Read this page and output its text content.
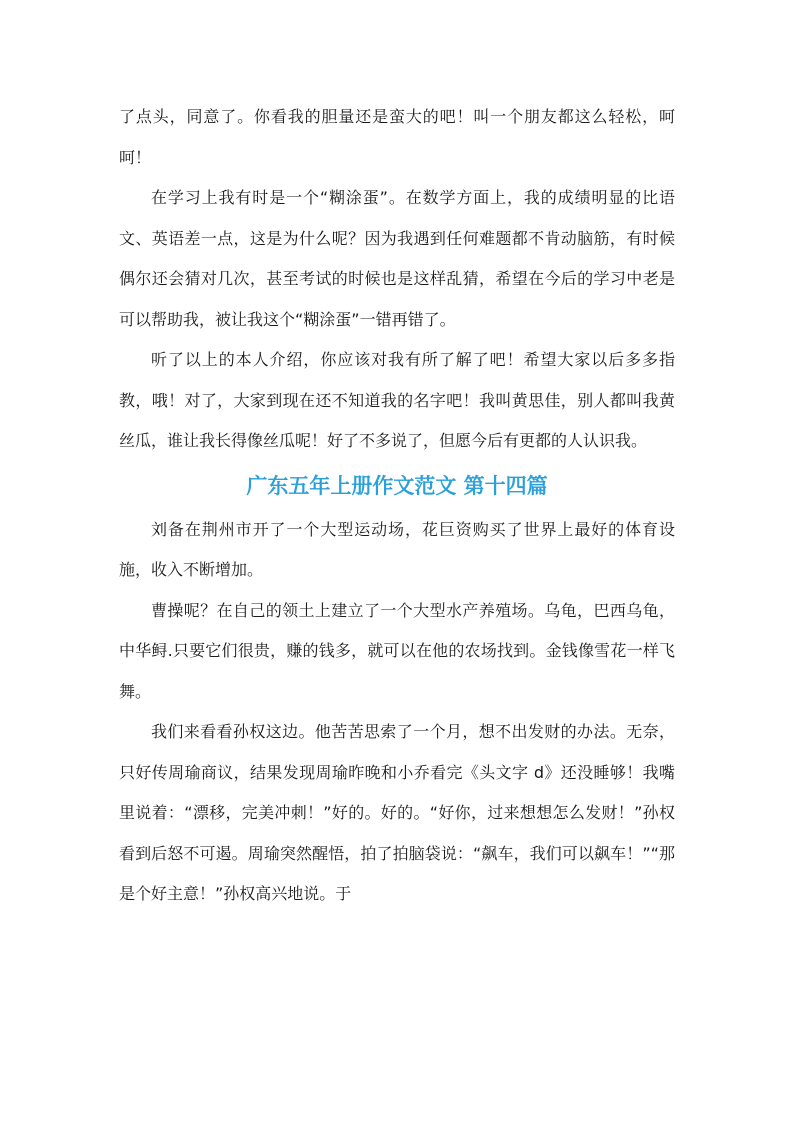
了点头，同意了。你看我的胆量还是蛮大的吧！叫一个朋友都这么轻松，呵呵！

在学习上我有时是一个“糊涂蛋”。在数学方面上，我的成绩明显的比语文、英语差一点，这是为什么呢？因为我遇到任何难题都不肯动脑筋，有时候偶尔还会猜对几次，甚至考试的时候也是这样乱猜，希望在今后的学习中老是可以帮助我，被让我这个“糊涂蛋”一错再错了。

听了以上的本人介绍，你应该对我有所了解了吧！希望大家以后多多指教，哦！对了，大家到现在还不知道我的名字吧！我叫黄思佳，别人都叫我黄丝瓜，谁让我长得像丝瓜呢！好了不多说了，但愿今后有更都的人认识我。

广东五年上册作文范文 第十四篇

刘备在荆州市开了一个大型运动场，花巨资购买了世界上最好的体育设施，收入不断增加。

曹操呢？在自己的领土上建立了一个大型水产养殖场。乌龟，巴西乌龟，中华鲟.只要它们很贵，赚的钱多，就可以在他的农场找到。金钱像雪花一样飞舞。

我们来看看孙权这边。他苦苦思索了一个月，想不出发财的办法。无奈，只好传周瑜商议，结果发现周瑜昨晚和小乔看完《头文字 d》还没睡够！我嘴里说着：“漂移，完美冲刺！”好的。好的。“好你，过来想想怎么发财！”孙权看到后怒不可遏。周瑜突然醒悟，拍了拍脑袋说：“飙车，我们可以飙车！”“那是个好主意！”孙权高兴地说。于
